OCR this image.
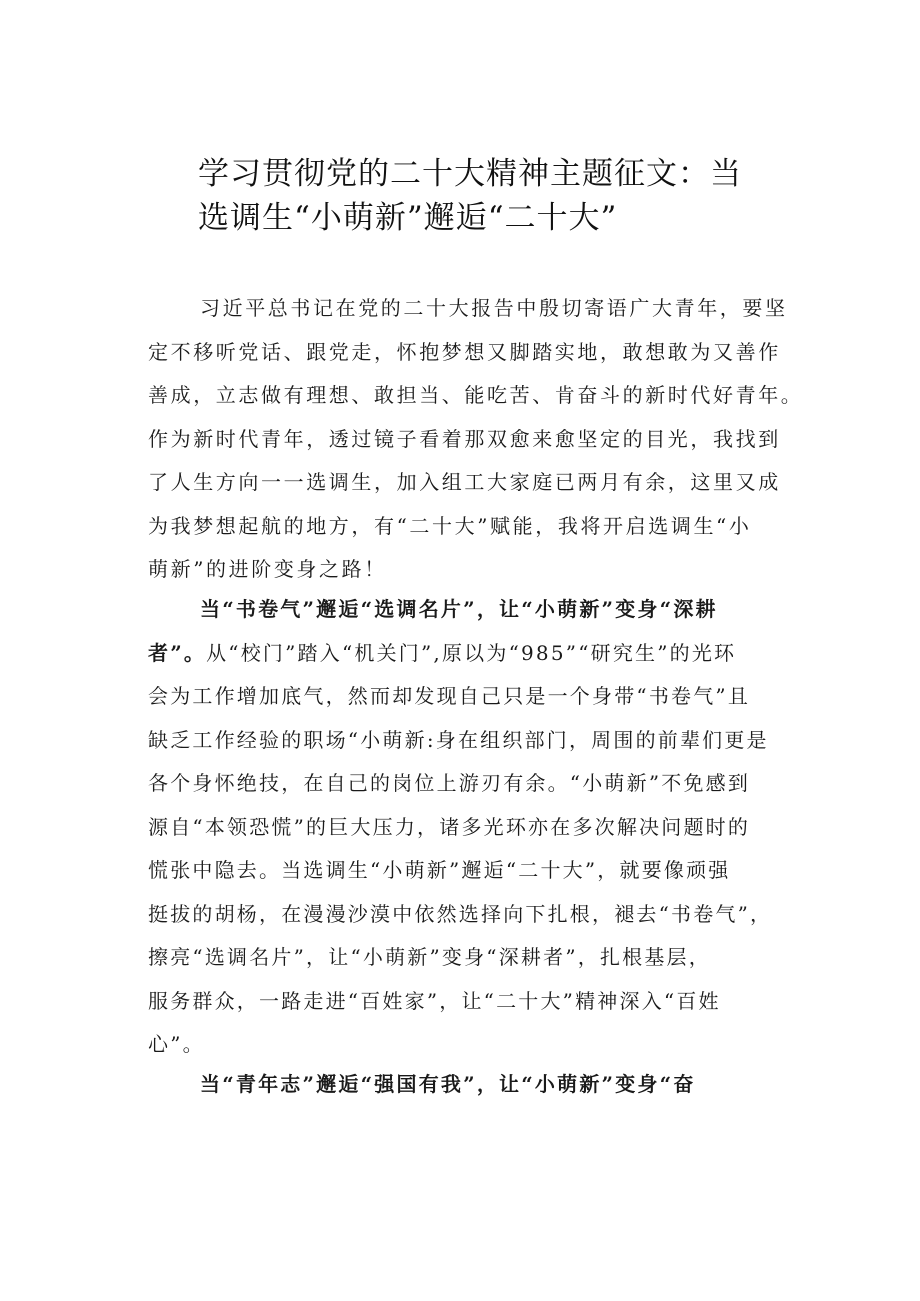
学习贯彻党的二十大精神主题征文：当
选调生“小萌新”邂逅“二十大”
习近平总书记在党的二十大报告中殷切寄语广大青年，要坚
定不移听党话、跟党走，怀抱梦想又脚踏实地，敢想敢为又善作
善成，立志做有理想、敢担当、能吃苦、肯奋斗的新时代好青年。
作为新时代青年，透过镜子看着那双愈来愈坚定的目光，我找到
了人生方向一一选调生，加入组工大家庭已两月有余，这里又成
为我梦想起航的地方，有“二十大”赋能，我将开启选调生“小
萌新”的进阶变身之路！
当“书卷气”邂逅“选调名片”，让“小萌新”变身“深耕
者”。从“校门”踏入“机关门”,原以为“985”“研究生”的光环
会为工作增加底气，然而却发现自己只是一个身带“书卷气”且
缺乏工作经验的职场“小萌新:身在组织部门，周围的前辈们更是
各个身怀绝技，在自己的岗位上游刃有余。“小萌新”不免感到
源自“本领恐慌”的巨大压力，诸多光环亦在多次解决问题时的
慌张中隐去。当选调生“小萌新”邂逅“二十大”，就要像顽强
挺拔的胡杨，在漫漫沙漠中依然选择向下扎根，褪去“书卷气”，
擦亮“选调名片”，让“小萌新”变身“深耕者”，扎根基层，
服务群众，一路走进“百姓家”，让“二十大”精神深入“百姓
心”。
当“青年志”邂逅“强国有我”，让“小萌新”变身“奋
